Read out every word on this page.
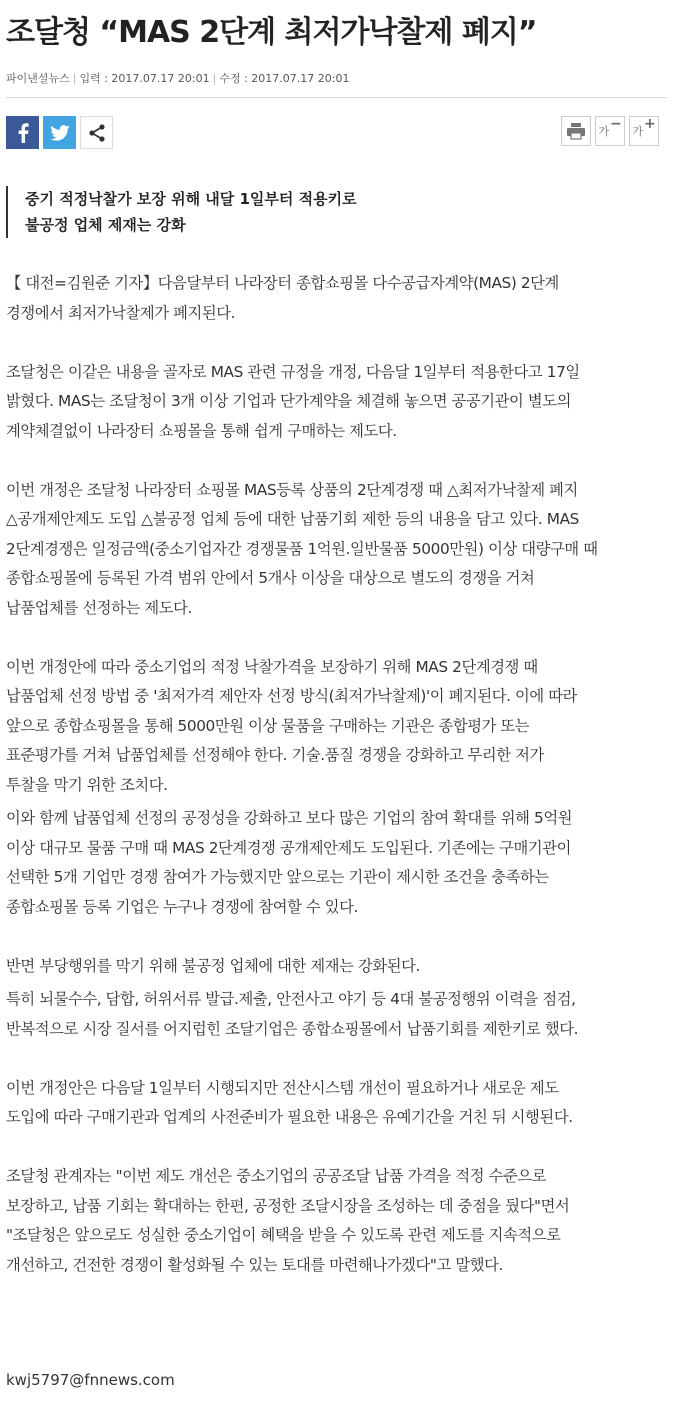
조달청 “MAS 2단계 최저가낙찰제 폐지”
파이낸셜뉴스 | 입력 : 2017.07.17 20:01 | 수정 : 2017.07.17 20:01
가 − 가 +
중기 적정낙찰가 보장 위해 내달 1일부터 적용키로
불공정 업체 제재는 강화

【 대전=김원준 기자】다음달부터 나라장터 종합쇼핑몰 다수공급자계약(MAS) 2단계
경쟁에서 최저가낙찰제가 폐지된다.

조달청은 이같은 내용을 골자로 MAS 관련 규정을 개정, 다음달 1일부터 적용한다고 17일
밝혔다. MAS는 조달청이 3개 이상 기업과 단가계약을 체결해 놓으면 공공기관이 별도의
계약체결없이 나라장터 쇼핑몰을 통해 쉽게 구매하는 제도다.

이번 개정은 조달청 나라장터 쇼핑몰 MAS등록 상품의 2단계경쟁 때 △최저가낙찰제 폐지
△공개제안제도 도입 △불공정 업체 등에 대한 납품기회 제한 등의 내용을 담고 있다. MAS
2단계경쟁은 일정금액(중소기업자간 경쟁물품 1억원.일반물품 5000만원) 이상 대량구매 때
종합쇼핑몰에 등록된 가격 범위 안에서 5개사 이상을 대상으로 별도의 경쟁을 거쳐
납품업체를 선정하는 제도다.

이번 개정안에 따라 중소기업의 적정 낙찰가격을 보장하기 위해 MAS 2단계경쟁 때
납품업체 선정 방법 중 '최저가격 제안자 선정 방식(최저가낙찰제)'이 폐지된다. 이에 따라
앞으로 종합쇼핑몰을 통해 5000만원 이상 물품을 구매하는 기관은 종합평가 또는
표준평가를 거쳐 납품업체를 선정해야 한다. 기술.품질 경쟁을 강화하고 무리한 저가
투찰을 막기 위한 조치다.

이와 함께 납품업체 선정의 공정성을 강화하고 보다 많은 기업의 참여 확대를 위해 5억원
이상 대규모 물품 구매 때 MAS 2단계경쟁 공개제안제도 도입된다. 기존에는 구매기관이
선택한 5개 기업만 경쟁 참여가 가능했지만 앞으로는 기관이 제시한 조건을 충족하는
종합쇼핑몰 등록 기업은 누구나 경쟁에 참여할 수 있다.

반면 부당행위를 막기 위해 불공정 업체에 대한 제재는 강화된다.

특히 뇌물수수, 담합, 허위서류 발급.제출, 안전사고 야기 등 4대 불공정행위 이력을 점검,
반복적으로 시장 질서를 어지럽힌 조달기업은 종합쇼핑몰에서 납품기회를 제한키로 했다.

이번 개정안은 다음달 1일부터 시행되지만 전산시스템 개선이 필요하거나 새로운 제도
도입에 따라 구매기관과 업계의 사전준비가 필요한 내용은 유예기간을 거친 뒤 시행된다.

조달청 관계자는 "이번 제도 개선은 중소기업의 공공조달 납품 가격을 적정 수준으로
보장하고, 납품 기회는 확대하는 한편, 공정한 조달시장을 조성하는 데 중점을 뒀다"면서
"조달청은 앞으로도 성실한 중소기업이 혜택을 받을 수 있도록 관련 제도를 지속적으로
개선하고, 건전한 경쟁이 활성화될 수 있는 토대를 마련해나가겠다"고 말했다.

kwj5797@fnnews.com
